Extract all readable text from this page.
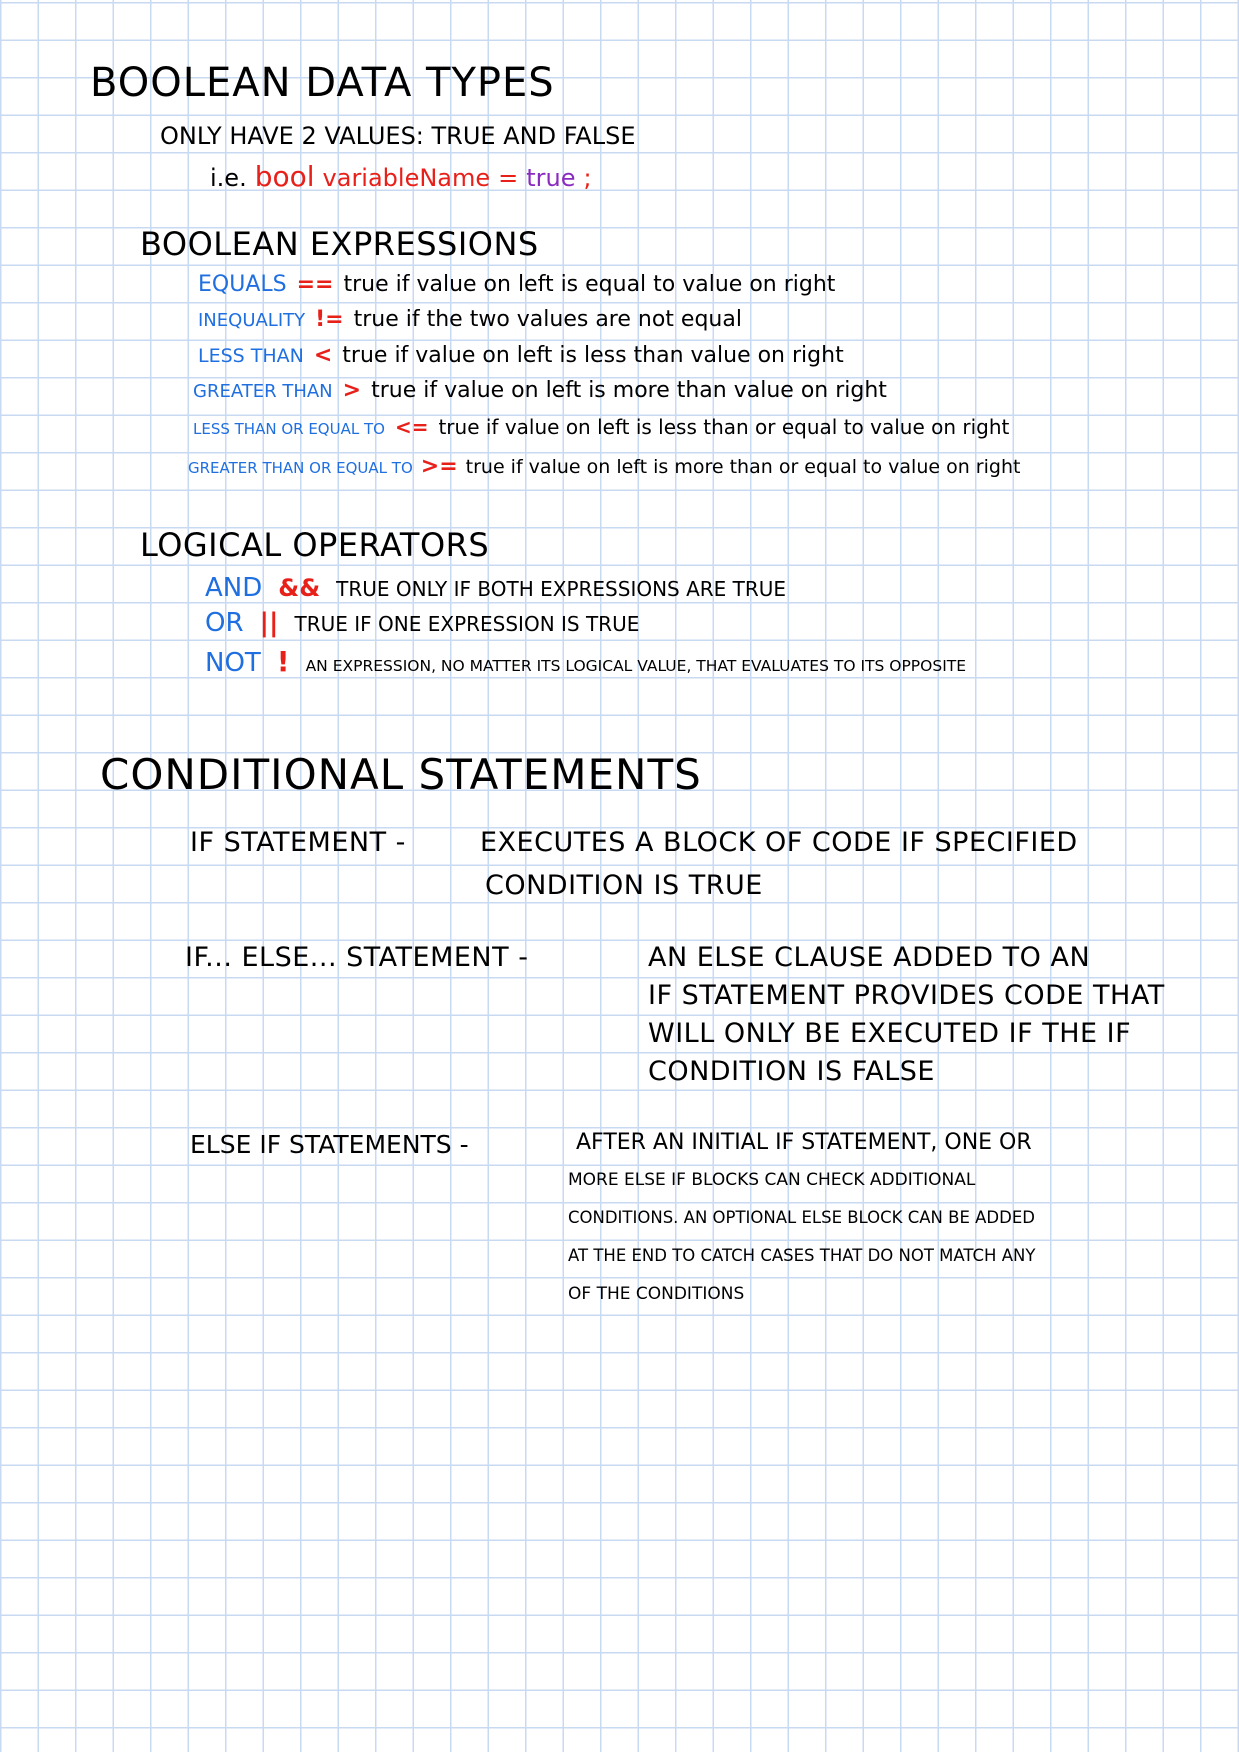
BOOLEAN DATA TYPES
ONLY HAVE 2 VALUES: TRUE AND FALSE
i.e. bool variableName = true ;
BOOLEAN EXPRESSIONS
EQUALS == true if value on left is equal to value on right
INEQUALITY != true if the two values are not equal
LESS THAN < true if value on left is less than value on right
GREATER THAN > true if value on left is more than value on right
LESS THAN OR EQUAL TO <= true if value on left is less than or equal to value on right
GREATER THAN OR EQUAL TO >= true if value on left is more than or equal to value on right
LOGICAL OPERATORS
AND && TRUE ONLY IF BOTH EXPRESSIONS ARE TRUE
OR || TRUE IF ONE EXPRESSION IS TRUE
NOT ! AN EXPRESSION, NO MATTER ITS LOGICAL VALUE, THAT EVALUATES TO ITS OPPOSITE
CONDITIONAL STATEMENTS
IF STATEMENT -	EXECUTES A BLOCK OF CODE IF SPECIFIED
CONDITION IS TRUE
IF... ELSE... STATEMENT -	AN ELSE CLAUSE ADDED TO AN
IF STATEMENT PROVIDES CODE THAT
WILL ONLY BE EXECUTED IF THE IF
CONDITION IS FALSE
ELSE IF STATEMENTS -	AFTER AN INITIAL IF STATEMENT, ONE OR
MORE ELSE IF BLOCKS CAN CHECK ADDITIONAL
CONDITIONS. AN OPTIONAL ELSE BLOCK CAN BE ADDED
AT THE END TO CATCH CASES THAT DO NOT MATCH ANY
OF THE CONDITIONS
